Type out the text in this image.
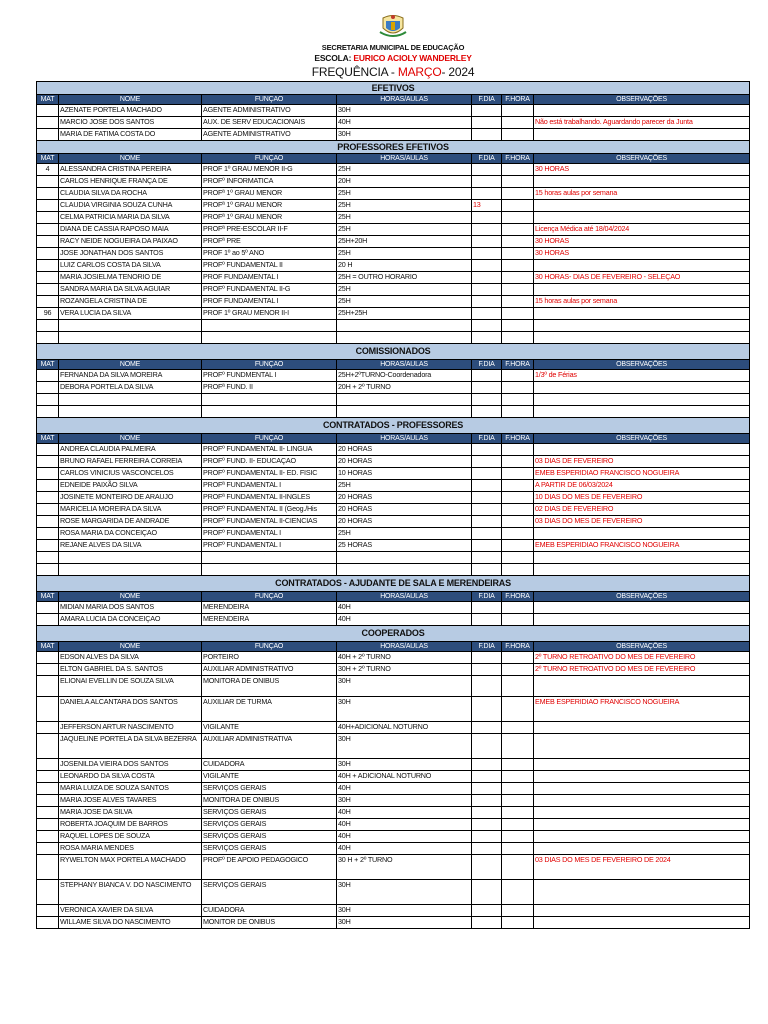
SECRETARIA MUNICIPAL DE EDUCAÇÃO						
ESCOLA: EURICO ACIOLY WANDERLEY						
FREQUÊNCIA - MARÇO- 2024						
EFETIVOS						
MAT	NOME	FUNÇAO	HORAS/AULAS	F.DIA	F.HORA	OBSERVAÇÕES
	AZENATE PORTELA MACHADO	AGENTE ADMINISTRATIVO	30H			
	MARCIO JOSE DOS SANTOS	AUX. DE SERV EDUCACIONAIS	40H			Não está trabalhando. Aguardando parecer da Junta
	MARIA DE FATIMA COSTA DO	AGENTE ADMINISTRATIVO	30H			
PROFESSORES EFETIVOS						
MAT	NOME	FUNÇAO	HORAS/AULAS	F.DIA	F.HORA	OBSERVAÇÕES
4	ALESSANDRA CRISTINA PEREIRA	PROF 1º GRAU MENOR II-G	25H			30 HORAS
	CARLOS HENRIQUE FRANÇA DE	PROFº INFORMATICA	20H			
	CLAUDIA SILVA DA ROCHA	PROFª 1º GRAU MENOR	25H			15 horas aulas por semana
	CLAUDIA VIRGINIA SOUZA CUNHA	PROFª 1º GRAU MENOR	25H	13		
	CELMA PATRICIA MARIA DA SILVA	PROFª 1º GRAU MENOR	25H			
	DIANA DE CASSIA RAPOSO MAIA	PROFª PRE-ESCOLAR II-F	25H			Licença Médica até 18/04/2024
	RACY NEIDE NOGUEIRA DA PAIXAO	PROFª PRE	25H+20H			30 HORAS
	JOSE JONATHAN DOS SANTOS	PROF 1º ao 5º ANO	25H			30 HORAS
	LUIZ CARLOS COSTA DA SILVA	PROFº FUNDAMENTAL II	20 H			
	MARIA JOSIELMA TENORIO DE	PROF FUNDAMENTAL I	25H = OUTRO HORARIO			30 HORAS- DIAS DE FEVEREIRO - SELEÇAO
	SANDRA MARIA DA SILVA AGUIAR	PROFº FUNDAMENTAL II-G	25H			
	ROZANGELA CRISTINA DE	PROF FUNDAMENTAL I	25H			15 horas aulas por semana
96	VERA LUCIA DA SILVA	PROF 1º GRAU MENOR II-I	25H+25H			

COMISSIONADOS						
MAT	NOME	FUNÇAO	HORAS/AULAS	F.DIA	F.HORA	OBSERVAÇÕES
	FERNANDA DA SILVA MOREIRA	PROFº FUNDMENTAL I	25H+2ºTURNO-Coordenadora			1/3º de Férias
	DEBORA PORTELA DA SILVA	PROFª FUND. II	20H + 2º TURNO			

CONTRATADOS - PROFESSORES						
MAT	NOME	FUNÇAO	HORAS/AULAS	F.DIA	F.HORA	OBSERVAÇÕES
	ANDREA CLAUDIA PALMEIRA	PROFº FUNDAMENTAL II- LINGUA	20 HORAS			
	BRUNO RAFAEL FERREIRA CORREIA	PROFº FUND. II- EDUCAÇAO	20 HORAS			03 DIAS DE FEVEREIRO
	CARLOS VINICIUS VASCONCELOS	PROFº FUNDAMENTAL II- ED. FISIC	10 HORAS			EMEB ESPERIDIAO FRANCISCO NOGUEIRA
	EDNEIDE PAIXÃO SILVA	PROFª FUNDAMENTAL I	25H			A PARTIR DE 06/03/2024
	JOSINETE MONTEIRO DE ARAUJO	PROFª FUNDAMENTAL II-INGLES	20 HORAS			10 DIAS DO MES DE FEVEREIRO
	MARICELIA MOREIRA DA SILVA	PROFº FUNDAMENTAL II (Geog./His	20 HORAS			02 DIAS DE FEVEREIRO
	ROSE MARGARIDA DE ANDRADE	PROFº FUNDAMENTAL II-CIENCIAS	20 HORAS			03 DIAS DO MES DE FEVEREIRO
	ROSA MARIA DA CONCEIÇAO	PROFº FUNDAMENTAL I	25H			
	REJANE ALVES DA SILVA	PROFº FUNDAMENTAL I	25 HORAS			EMEB ESPERIDIAO FRANCISCO NOGUEIRA

CONTRATADOS - AJUDANTE DE SALA E MERENDEIRAS						
MAT	NOME	FUNÇAO	HORAS/AULAS	F.DIA	F.HORA	OBSERVAÇÕES
	MIDIAN MARIA DOS SANTOS	MERENDEIRA	40H			
	AMARA LUCIA DA CONCEIÇAO	MERENDEIRA	40H			
COOPERADOS						
MAT	NOME	FUNÇAO	HORAS/AULAS	F.DIA	F.HORA	OBSERVAÇÕES
	EDSON ALVES DA SILVA	PORTEIRO	40H + 2º TURNO			2º TURNO RETROATIVO DO MES DE FEVEREIRO
	ELTON GABRIEL DA S. SANTOS	AUXILIAR ADMINISTRATIVO	30H + 2º TURNO			2º TURNO RETROATIVO DO MES DE FEVEREIRO
	ELIONAI EVELLIN DE SOUZA SILVA	MONITORA DE ONIBUS	30H			
	DANIELA ALCANTARA DOS SANTOS	AUXILIAR DE TURMA	30H			EMEB ESPERIDIAO FRANCISCO NOGUEIRA
	JEFFERSON ARTUR NASCIMENTO	VIGILANTE	40H+ADICIONAL NOTURNO			
	JAQUELINE PORTELA DA SILVA BEZERRA	AUXILIAR ADMINISTRATIVA	30H			
	JOSENILDA VIEIRA DOS SANTOS	CUIDADORA	30H			
	LEONARDO DA SILVA COSTA	VIGILANTE	40H + ADICIONAL NOTURNO			
	MARIA LUIZA DE SOUZA SANTOS	SERVIÇOS GERAIS	40H			
	MARIA JOSE ALVES TAVARES	MONITORA DE ONIBUS	30H			
	MARIA JOSE DA SILVA	SERVIÇOS GERAIS	40H			
	ROBERTA JOAQUIM DE BARROS	SERVIÇOS GERAIS	40H			
	RAQUEL LOPES DE SOUZA	SERVIÇOS GERAIS	40H			
	ROSA MARIA MENDES	SERVIÇOS GERAIS	40H			
	RYWELTON MAX PORTELA MACHADO	PROFº DE APOIO PEDAGOGICO	30 H + 2º TURNO			03 DIAS DO MES DE FEVEREIRO DE 2024
	STEPHANY BIANCA V. DO NASCIMENTO	SERVIÇOS GERAIS	30H			
	VERONICA XAVIER DA SILVA	CUIDADORA	30H			
	WILLAME SILVA DO NASCIMENTO	MONITOR DE ONIBUS	30H			
